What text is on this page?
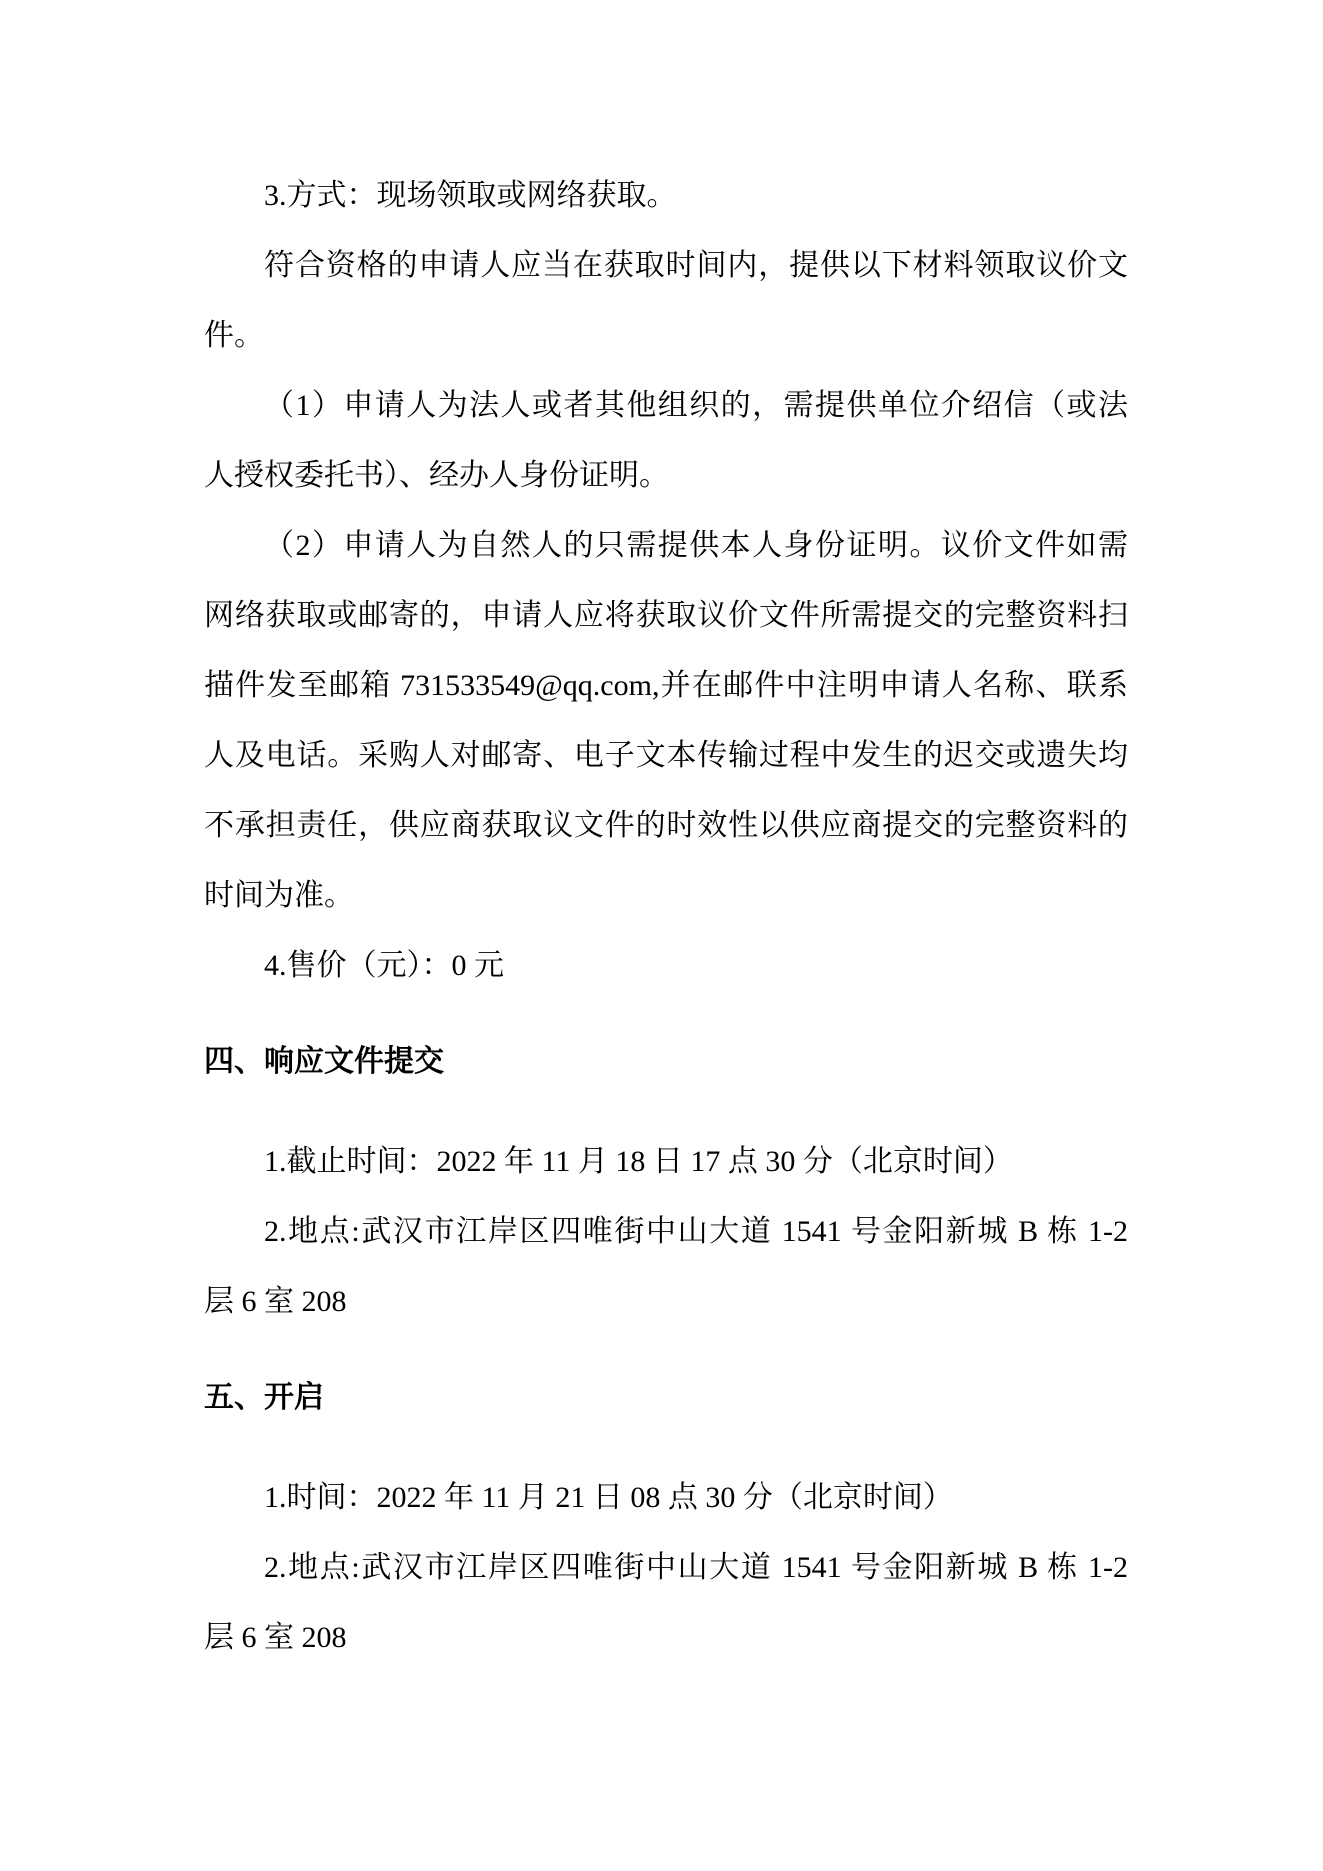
3.方式：现场领取或网络获取。
符合资格的申请人应当在获取时间内，提供以下材料领取议价文
件。
（1）申请人为法人或者其他组织的，需提供单位介绍信（或法
人授权委托书）、经办人身份证明。
（2）申请人为自然人的只需提供本人身份证明。议价文件如需
网络获取或邮寄的，申请人应将获取议价文件所需提交的完整资料扫
描件发至邮箱 731533549@qq.com,并在邮件中注明申请人名称、联系
人及电话。采购人对邮寄、电子文本传输过程中发生的迟交或遗失均
不承担责任，供应商获取议文件的时效性以供应商提交的完整资料的
时间为准。
4.售价（元）：0 元
四、响应文件提交
1.截止时间：2022 年 11 月 18 日 17 点 30 分（北京时间）
2.地点:武汉市江岸区四唯街中山大道 1541 号金阳新城 B 栋 1-2
层 6 室 208
五、开启
1.时间：2022 年 11 月 21 日 08 点 30 分（北京时间）
2.地点:武汉市江岸区四唯街中山大道 1541 号金阳新城 B 栋 1-2
层 6 室 208
